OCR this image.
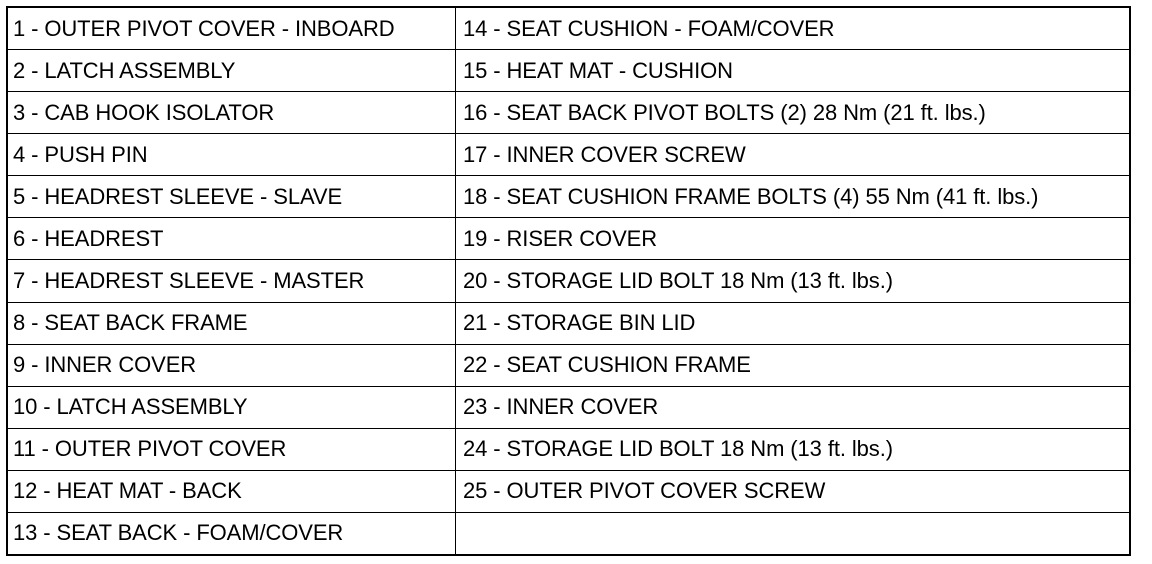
1 - OUTER PIVOT COVER - INBOARD
2 - LATCH ASSEMBLY
3 - CAB HOOK ISOLATOR
4 - PUSH PIN
5 - HEADREST SLEEVE - SLAVE
6 - HEADREST
7 - HEADREST SLEEVE - MASTER
8 - SEAT BACK FRAME
9 - INNER COVER
10 - LATCH ASSEMBLY
11 - OUTER PIVOT COVER
12 - HEAT MAT - BACK
13 - SEAT BACK - FOAM/COVER
14 - SEAT CUSHION - FOAM/COVER
15 - HEAT MAT - CUSHION
16 - SEAT BACK PIVOT BOLTS (2) 28 Nm (21 ft. lbs.)
17 - INNER COVER SCREW
18 - SEAT CUSHION FRAME BOLTS (4) 55 Nm (41 ft. lbs.)
19 - RISER COVER
20 - STORAGE LID BOLT 18 Nm (13 ft. lbs.)
21 - STORAGE BIN LID
22 - SEAT CUSHION FRAME
23 - INNER COVER
24 - STORAGE LID BOLT 18 Nm (13 ft. lbs.)
25 - OUTER PIVOT COVER SCREW
